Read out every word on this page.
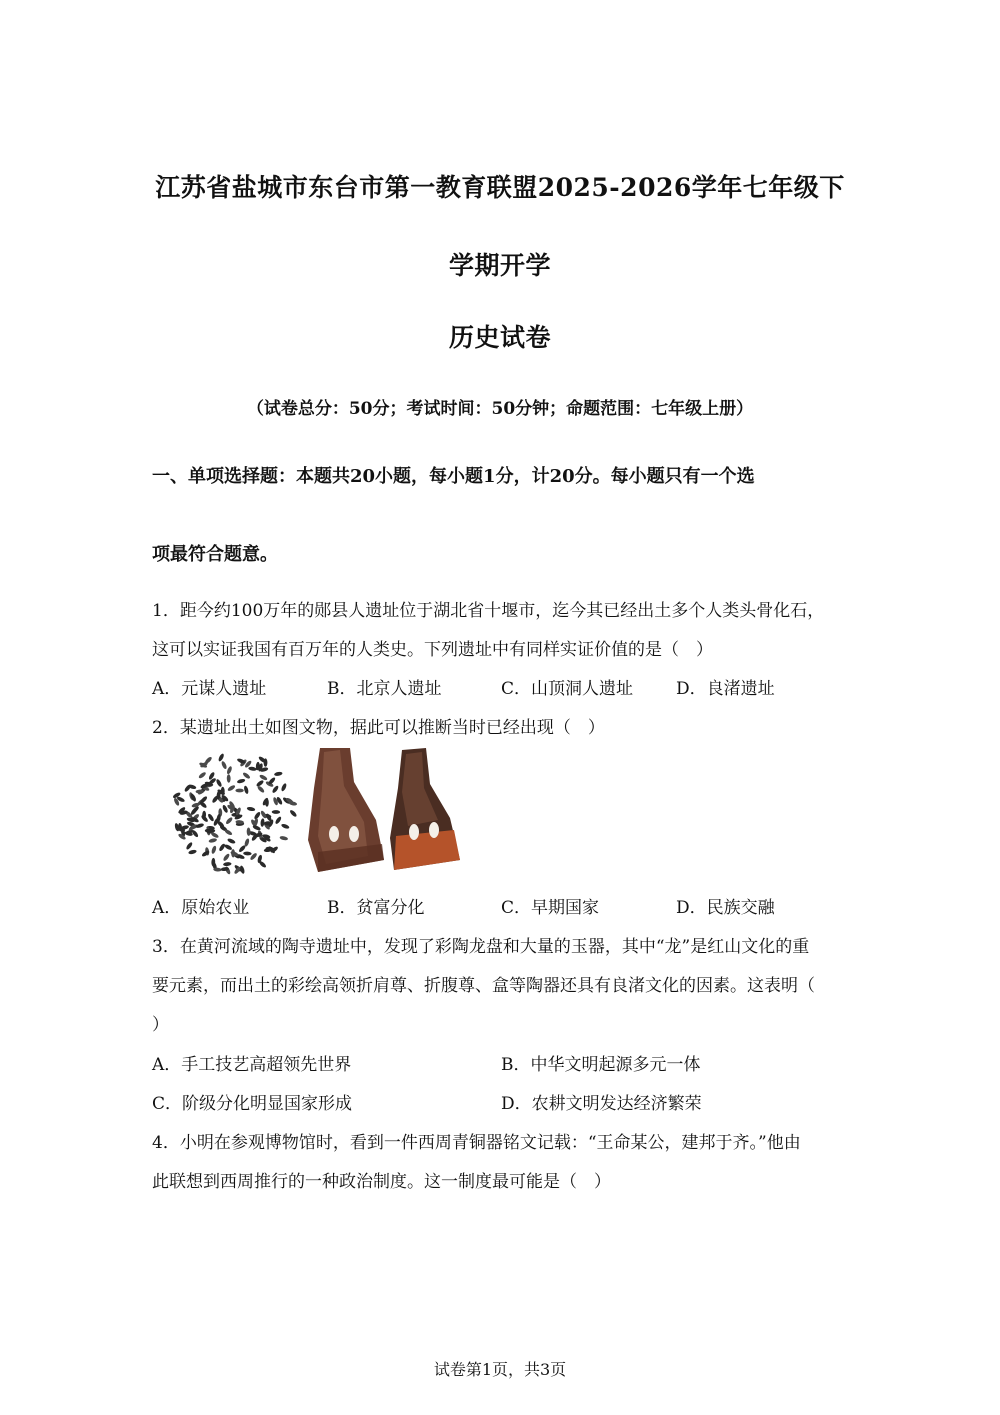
江苏省盐城市东台市第一教育联盟2025-2026学年七年级下
学期开学
历史试卷
（试卷总分：50分；考试时间：50分钟；命题范围：七年级上册）
一、单项选择题：本题共20小题，每小题1分，计20分。每小题只有一个选
项最符合题意。
1．距今约100万年的郧县人遗址位于湖北省十堰市，迄今其已经出土多个人类头骨化石，
这可以实证我国有百万年的人类史。下列遗址中有同样实证价值的是（　）
A．元谋人遗址	B．北京人遗址	C．山顶洞人遗址	D．良渚遗址
2．某遗址出土如图文物，据此可以推断当时已经出现（　）
A．原始农业	B．贫富分化	C．早期国家	D．民族交融
3．在黄河流域的陶寺遗址中，发现了彩陶龙盘和大量的玉器，其中“龙”是红山文化的重
要元素，而出土的彩绘高领折肩尊、折腹尊、盒等陶器还具有良渚文化的因素。这表明（
）
A．手工技艺高超领先世界	B．中华文明起源多元一体
C．阶级分化明显国家形成	D．农耕文明发达经济繁荣
4．小明在参观博物馆时，看到一件西周青铜器铭文记载：“王命某公，建邦于齐。”他由
此联想到西周推行的一种政治制度。这一制度最可能是（　）
试卷第1页，共3页
